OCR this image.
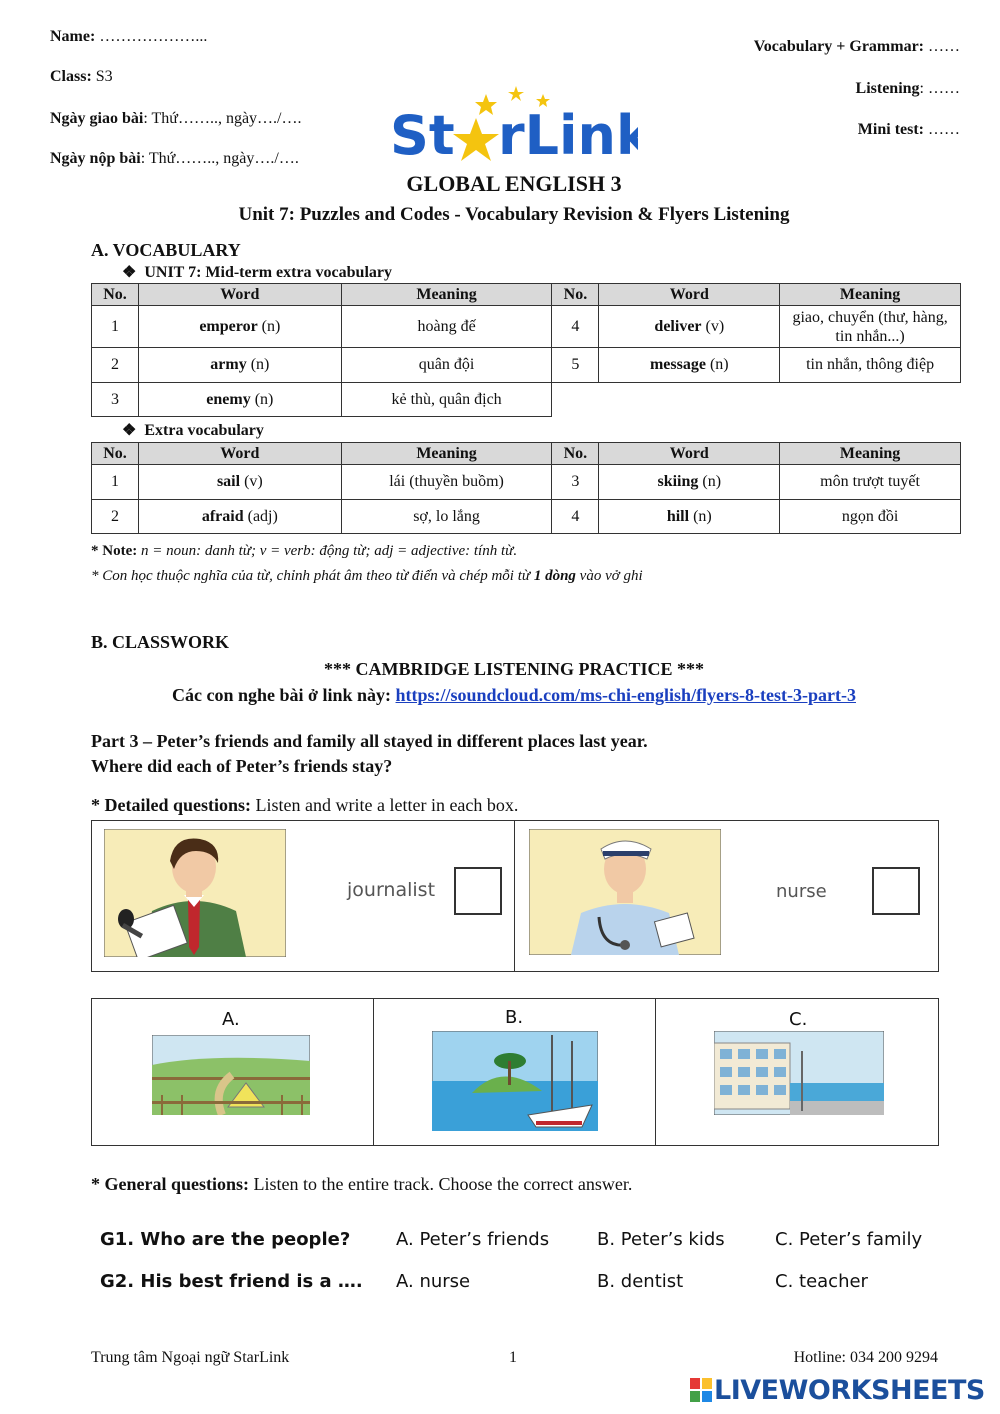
Name: ………………...
Class: S3
Ngày giao bài: Thứ…….., ngày…./….
Ngày nộp bài: Thứ…….., ngày…./….
Vocabulary + Grammar: ……
Listening: ……
Mini test: ……
St rLink
GLOBAL ENGLISH 3
Unit 7: Puzzles and Codes - Vocabulary Revision & Flyers Listening
A. VOCABULARY
❖ UNIT 7: Mid-term extra vocabulary
No.	Word	Meaning	No.	Word	Meaning
1	emperor (n)	hoàng đế	4	deliver (v)	giao, chuyển (thư, hàng, tin nhắn...)
2	army (n)	quân đội	5	message (n)	tin nhắn, thông điệp
3	enemy (n)	kẻ thù, quân địch			
❖ Extra vocabulary
No.	Word	Meaning	No.	Word	Meaning
1	sail (v)	lái (thuyền buồm)	3	skiing (n)	môn trượt tuyết
2	afraid (adj)	sợ, lo lắng	4	hill (n)	ngọn đồi
* Note: n = noun: danh từ; v = verb: động từ; adj = adjective: tính từ.
* Con học thuộc nghĩa của từ, chỉnh phát âm theo từ điển và chép mỗi từ 1 dòng vào vở ghi
B. CLASSWORK
*** CAMBRIDGE LISTENING PRACTICE ***
Các con nghe bài ở link này: https://soundcloud.com/ms-chi-english/flyers-8-test-3-part-3
Part 3 – Peter’s friends and family all stayed in different places last year.
Where did each of Peter’s friends stay?
* Detailed questions: Listen and write a letter in each box.
journalist	nurse
A.	B.	C.
* General questions: Listen to the entire track. Choose the correct answer.
G1. Who are the people?	A. Peter’s friends	B. Peter’s kids	C. Peter’s family
G2. His best friend is a …. A. nurse	B. dentist	C. teacher
Trung tâm Ngoại ngữ StarLink	1	Hotline: 034 200 9294
LIVEWORKSHEETS
